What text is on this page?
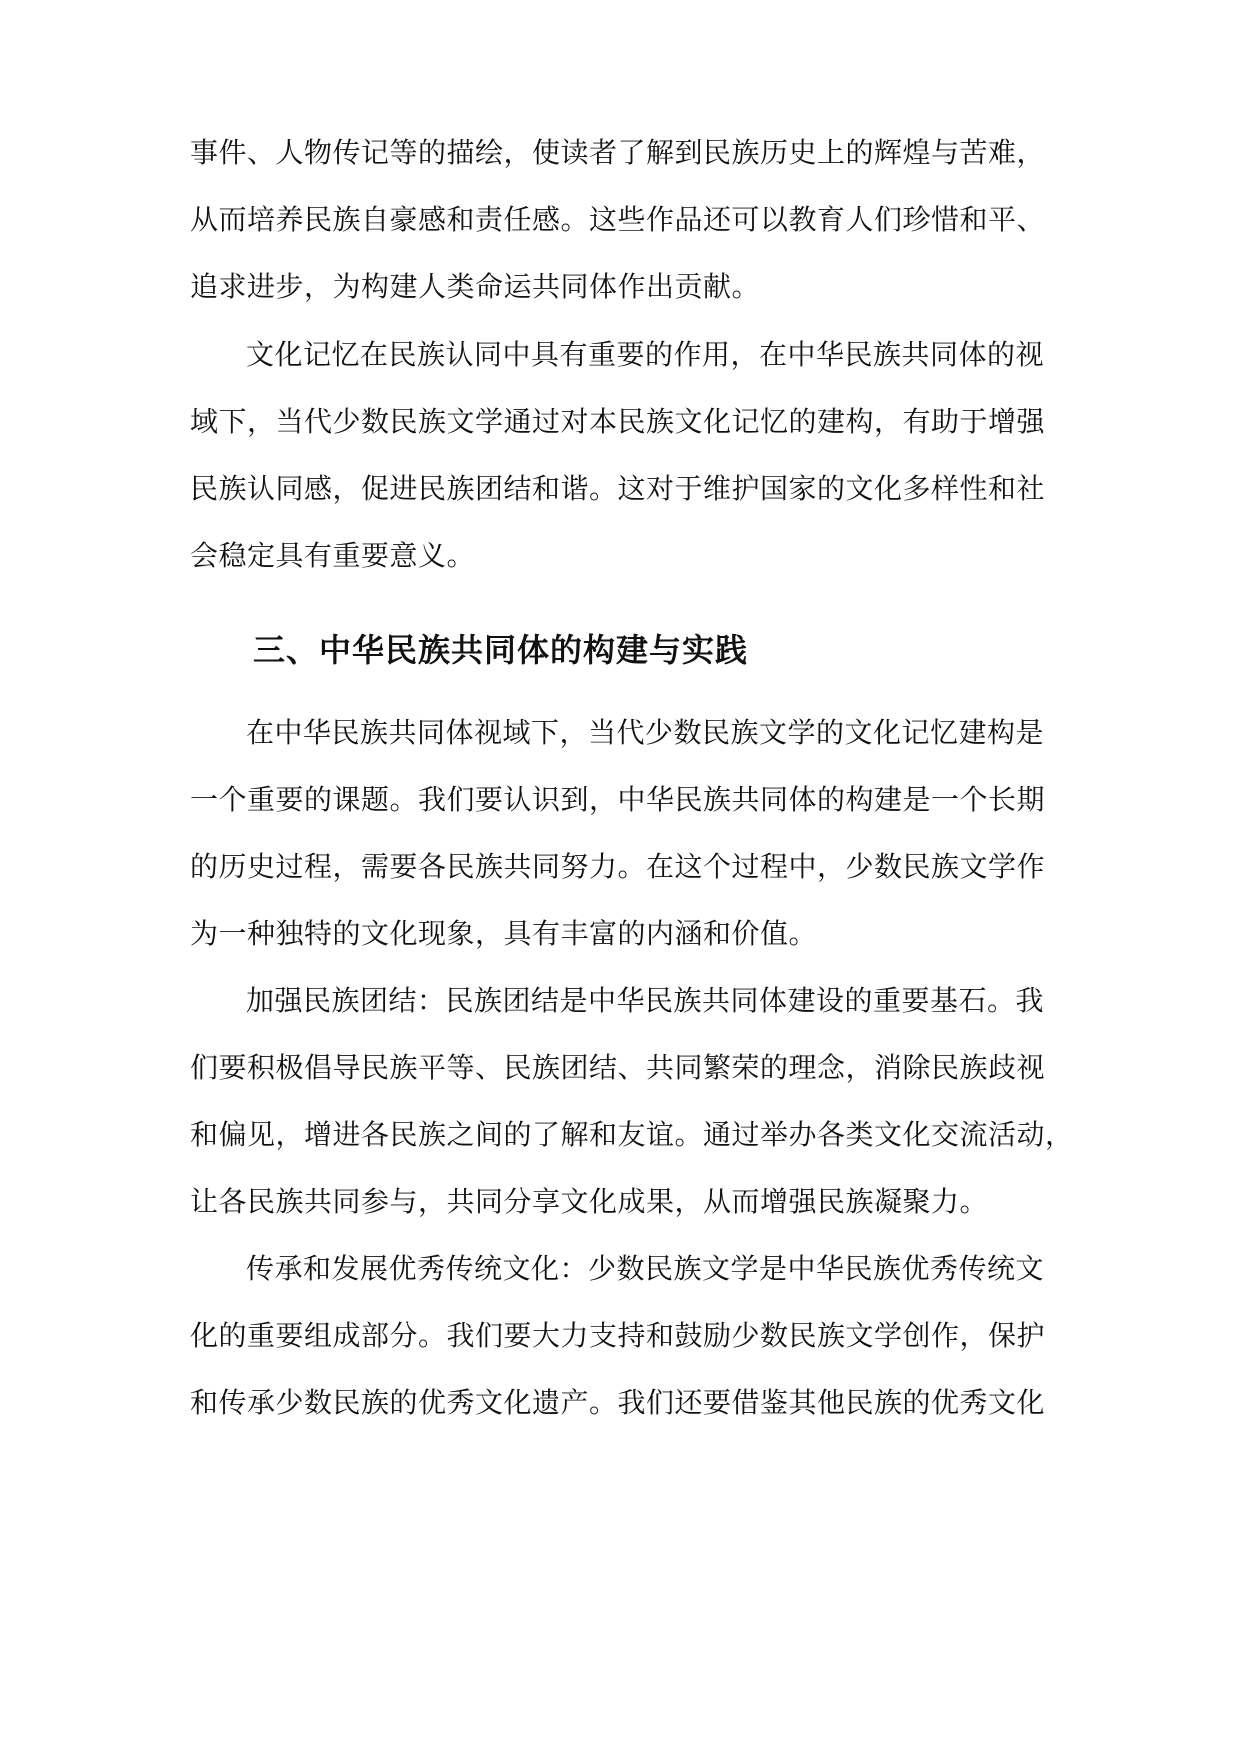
事件、人物传记等的描绘，使读者了解到民族历史上的辉煌与苦难，
从而培养民族自豪感和责任感。这些作品还可以教育人们珍惜和平、
追求进步，为构建人类命运共同体作出贡献。
文化记忆在民族认同中具有重要的作用，在中华民族共同体的视
域下，当代少数民族文学通过对本民族文化记忆的建构，有助于增强
民族认同感，促进民族团结和谐。这对于维护国家的文化多样性和社
会稳定具有重要意义。
三、中华民族共同体的构建与实践
在中华民族共同体视域下，当代少数民族文学的文化记忆建构是
一个重要的课题。我们要认识到，中华民族共同体的构建是一个长期
的历史过程，需要各民族共同努力。在这个过程中，少数民族文学作
为一种独特的文化现象，具有丰富的内涵和价值。
加强民族团结：民族团结是中华民族共同体建设的重要基石。我
们要积极倡导民族平等、民族团结、共同繁荣的理念，消除民族歧视
和偏见，增进各民族之间的了解和友谊。通过举办各类文化交流活动，
让各民族共同参与，共同分享文化成果，从而增强民族凝聚力。
传承和发展优秀传统文化：少数民族文学是中华民族优秀传统文
化的重要组成部分。我们要大力支持和鼓励少数民族文学创作，保护
和传承少数民族的优秀文化遗产。我们还要借鉴其他民族的优秀文化
